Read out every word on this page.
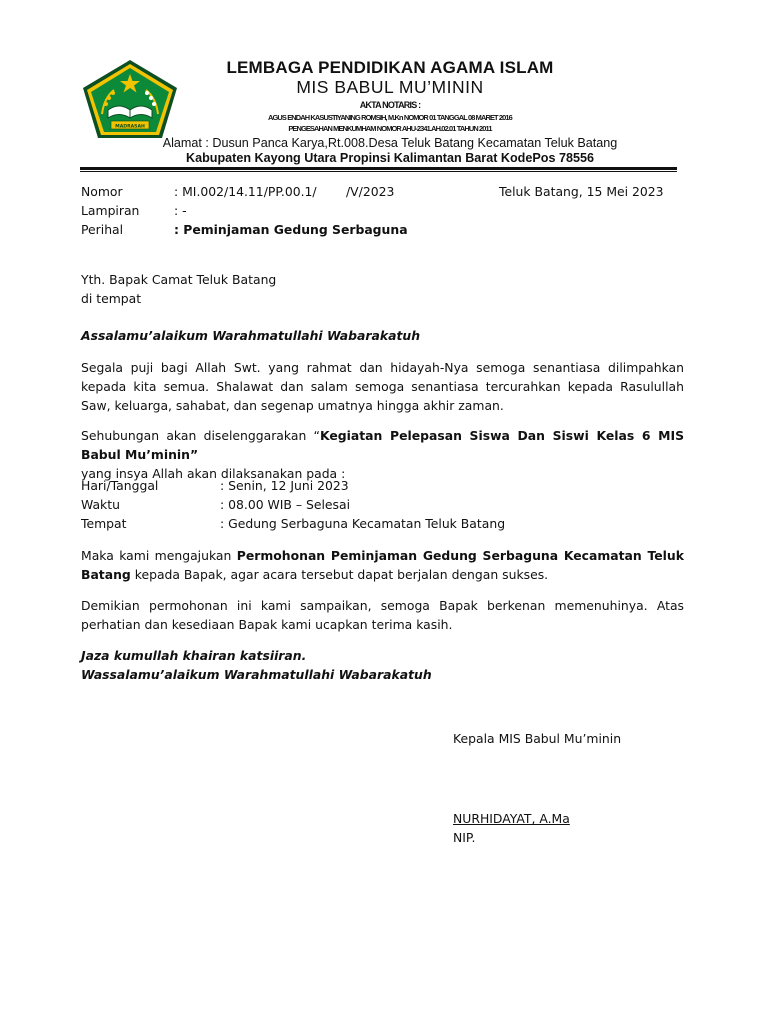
MADRASAH
LEMBAGA PENDIDIKAN AGAMA ISLAM
MIS BABUL MU’MININ
AKTA NOTARIS :
AGUS ENDAH KASUSTIYANING ROMSIH, M.Kn NOMOR 01 TANGGAL 08 MARET 2016
PENGESAHAN MENKUMHAM NOMOR AHU-2341.AH.02.01 TAHUN 2011
Alamat : Dusun Panca Karya,Rt.008.Desa Teluk Batang Kecamatan Teluk Batang
Kabupaten Kayong Utara Propinsi Kalimantan Barat KodePos 78556
Nomor	: MI.002/14.11/PP.00.1/ /V/2023	Teluk Batang, 15 Mei 2023
Lampiran	: -
Perihal	: Peminjaman Gedung Serbaguna
Yth. Bapak Camat Teluk Batang
di tempat
Assalamu’alaikum Warahmatullahi Wabarakatuh
Segala puji bagi Allah Swt. yang rahmat dan hidayah-Nya semoga senantiasa dilimpahkan kepada kita semua. Shalawat dan salam semoga senantiasa tercurahkan kepada Rasulullah Saw, keluarga, sahabat, dan segenap umatnya hingga akhir zaman.
Sehubungan akan diselenggarakan “Kegiatan Pelepasan Siswa Dan Siswi Kelas 6 MIS Babul Mu’minin”
yang insya Allah akan dilaksanakan pada :
Hari/Tanggal	: Senin, 12 Juni 2023
Waktu	: 08.00 WIB – Selesai
Tempat	: Gedung Serbaguna Kecamatan Teluk Batang
Maka kami mengajukan Permohonan Peminjaman Gedung Serbaguna Kecamatan Teluk Batang kepada Bapak, agar acara tersebut dapat berjalan dengan sukses.
Demikian permohonan ini kami sampaikan, semoga Bapak berkenan memenuhinya. Atas perhatian dan kesediaan Bapak kami ucapkan terima kasih.
Jaza kumullah khairan katsiiran.
Wassalamu’alaikum Warahmatullahi Wabarakatuh
Kepala MIS Babul Mu’minin
NURHIDAYAT, A.Ma
NIP.
